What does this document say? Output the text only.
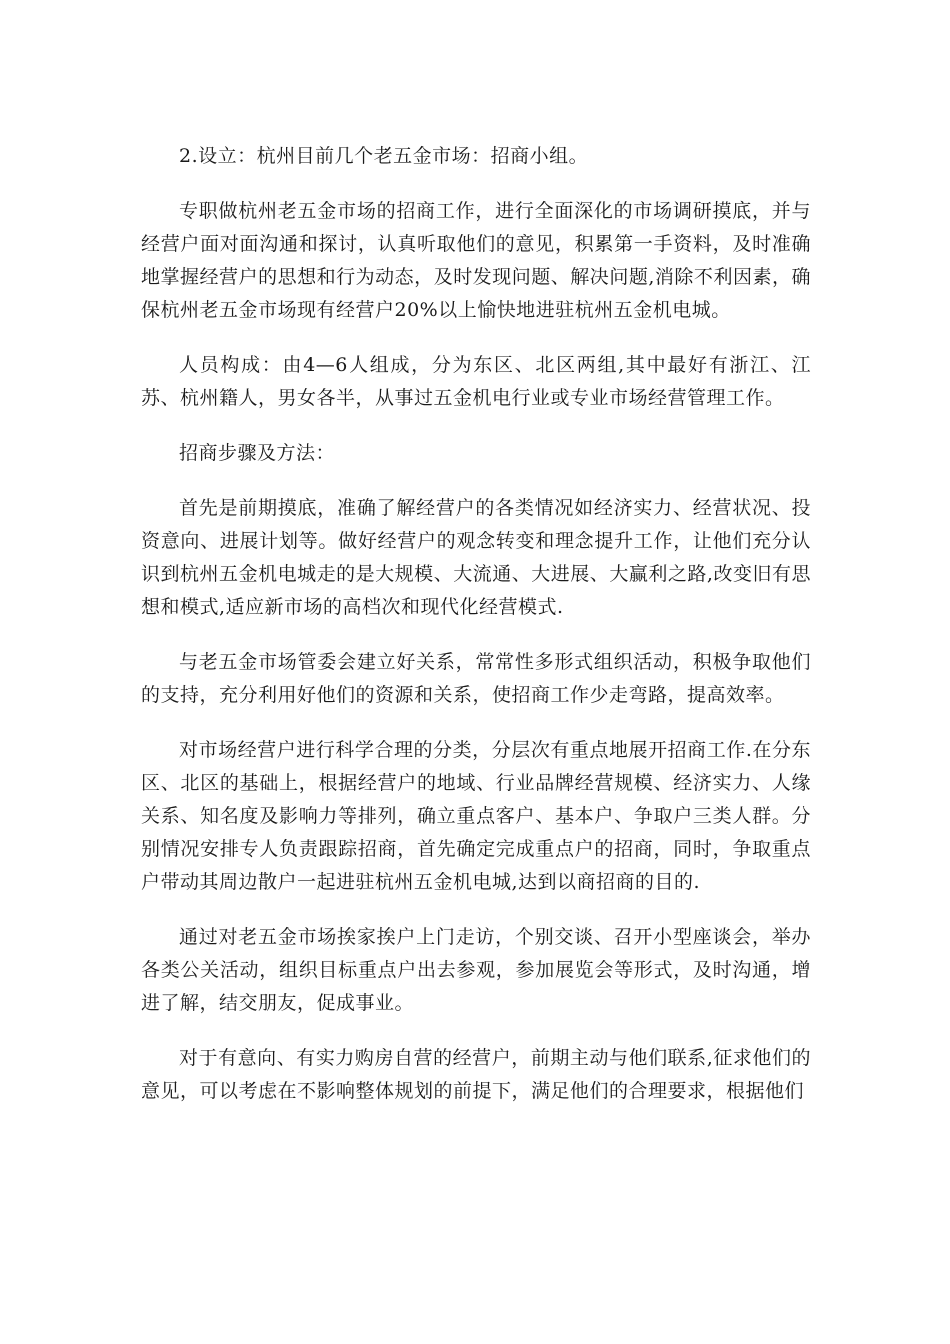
2.设立：杭州目前几个老五金市场：招商小组。

专职做杭州老五金市场的招商工作，进行全面深化的市场调研摸底，并与经营户面对面沟通和探讨，认真听取他们的意见，积累第一手资料，及时准确地掌握经营户的思想和行为动态，及时发现问题、解决问题,消除不利因素，确保杭州老五金市场现有经营户20%以上愉快地进驻杭州五金机电城。

人员构成：由4—6人组成，分为东区、北区两组,其中最好有浙江、江苏、杭州籍人，男女各半，从事过五金机电行业或专业市场经营管理工作。

招商步骤及方法：

首先是前期摸底，准确了解经营户的各类情况如经济实力、经营状况、投资意向、进展计划等。做好经营户的观念转变和理念提升工作，让他们充分认识到杭州五金机电城走的是大规模、大流通、大进展、大赢利之路,改变旧有思想和模式,适应新市场的高档次和现代化经营模式.

与老五金市场管委会建立好关系，常常性多形式组织活动，积极争取他们的支持，充分利用好他们的资源和关系，使招商工作少走弯路，提高效率。

对市场经营户进行科学合理的分类，分层次有重点地展开招商工作.在分东区、北区的基础上，根据经营户的地域、行业品牌经营规模、经济实力、人缘关系、知名度及影响力等排列，确立重点客户、基本户、争取户三类人群。分别情况安排专人负责跟踪招商，首先确定完成重点户的招商，同时，争取重点户带动其周边散户一起进驻杭州五金机电城,达到以商招商的目的.

通过对老五金市场挨家挨户上门走访，个别交谈、召开小型座谈会，举办各类公关活动，组织目标重点户出去参观，参加展览会等形式，及时沟通，增进了解，结交朋友，促成事业。

对于有意向、有实力购房自营的经营户，前期主动与他们联系,征求他们的意见，可以考虑在不影响整体规划的前提下，满足他们的合理要求，根据他们
